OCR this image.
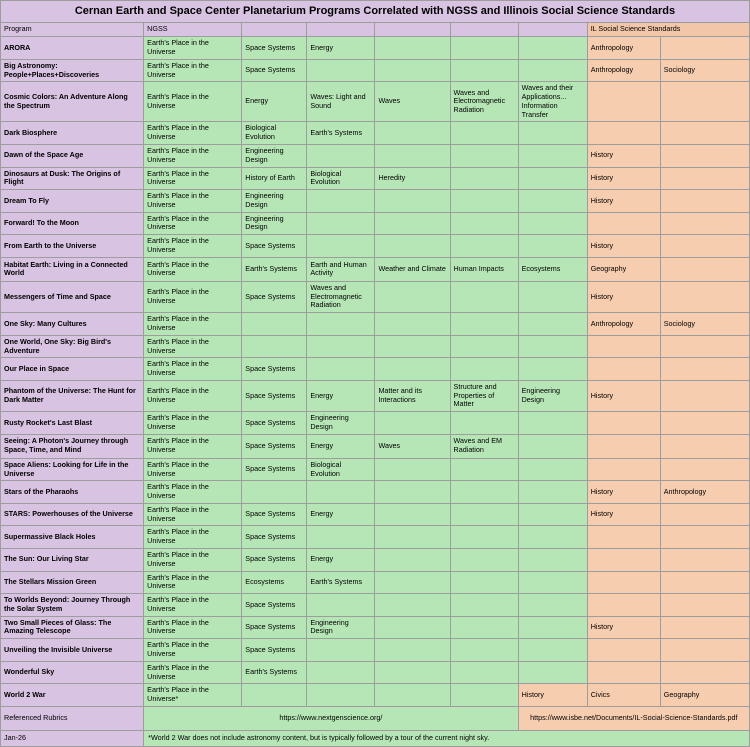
Cernan Earth and Space Center Planetarium Programs Correlated with NGSS and Illinois Social Science Standards								
Program	NGSS						IL Social Science Standards	
ARORA	Earth's Place in the Universe	Space Systems	Energy				Anthropology	
Big Astronomy: People+Places+Discoveries	Earth's Place in the Universe	Space Systems					Anthropology	Sociology
Cosmic Colors: An Adventure Along the Spectrum	Earth's Place in the Universe	Energy	Waves: Light and Sound	Waves	Waves and Electromagnetic Radiation	Waves and their Applications... Information Transfer		
Dark Biosphere	Earth's Place in the Universe	Biological Evolution	Earth's Systems					
Dawn of the Space Age	Earth's Place in the Universe	Engineering Design					History	
Dinosaurs at Dusk: The Origins of Flight	Earth's Place in the Universe	History of Earth	Biological Evolution	Heredity			History	
Dream To Fly	Earth's Place in the Universe	Engineering Design					History	
Forward! To the Moon	Earth's Place in the Universe	Engineering Design						
From Earth to the Universe	Earth's Place in the Universe	Space Systems					History	
Habitat Earth: Living in a Connected World	Earth's Place in the Universe	Earth's Systems	Earth and Human Activity	Weather and Climate	Human Impacts	Ecosystems	Geography	
Messengers of Time and Space	Earth's Place in the Universe	Space Systems	Waves and Electromagnetic Radiation				History	
One Sky: Many Cultures	Earth's Place in the Universe						Anthropology	Sociology
One World, One Sky: Big Bird's Adventure	Earth's Place in the Universe							
Our Place in Space	Earth's Place in the Universe	Space Systems						
Phantom of the Universe: The Hunt for Dark Matter	Earth's Place in the Universe	Space Systems	Energy	Matter and its Interactions	Structure and Properties of Matter	Engineering Design	History	
Rusty Rocket's Last Blast	Earth's Place in the Universe	Space Systems	Engineering Design					
Seeing: A Photon's Journey through Space, Time, and Mind	Earth's Place in the Universe	Space Systems	Energy	Waves	Waves and EM Radiation			
Space Aliens: Looking for Life in the Universe	Earth's Place in the Universe	Space Systems	Biological Evolution					
Stars of the Pharaohs	Earth's Place in the Universe						History	Anthropology
STARS: Powerhouses of the Universe	Earth's Place in the Universe	Space Systems	Energy				History	
Supermassive Black Holes	Earth's Place in the Universe	Space Systems						
The Sun: Our Living Star	Earth's Place in the Universe	Space Systems	Energy					
The Stellars Mission Green	Earth's Place in the Universe	Ecosystems	Earth's Systems					
To Worlds Beyond: Journey Through the Solar System	Earth's Place in the Universe	Space Systems						
Two Small Pieces of Glass: The Amazing Telescope	Earth's Place in the Universe	Space Systems	Engineering Design				History	
Unveiling the Invisible Universe	Earth's Place in the Universe	Space Systems						
Wonderful Sky	Earth's Place in the Universe	Earth's Systems						
World 2 War	Earth's Place in the Universe*					History	Civics	Geography
Referenced Rubrics	https://www.nextgenscience.org/					https://www.isbe.net/Documents/IL-Social-Science-Standards.pdf		
Jan-26	*World 2 War does not include astronomy content, but is typically followed by a tour of the current night sky.							
